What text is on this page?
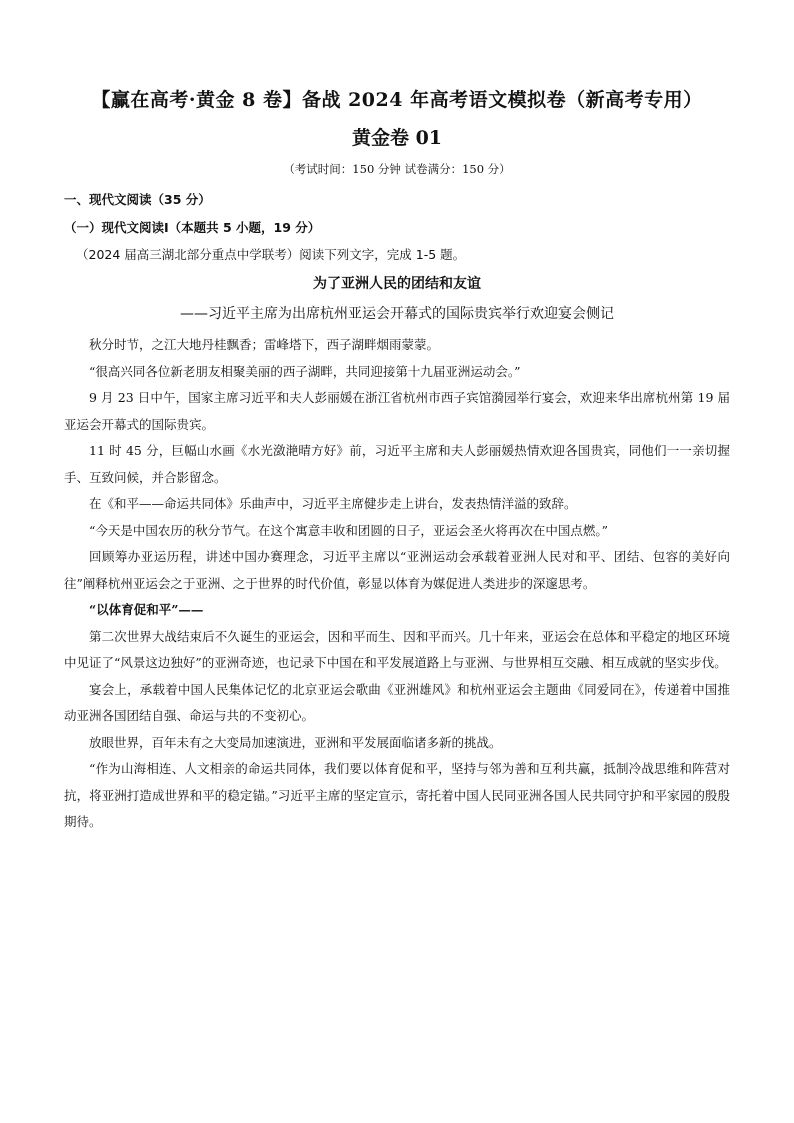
【赢在高考·黄金 8 卷】备战 2024 年高考语文模拟卷（新高考专用）
黄金卷 01

（考试时间：150 分钟 试卷满分：150 分）

一、现代文阅读（35 分）

（一）现代文阅读Ⅰ（本题共 5 小题，19 分）

（2024 届高三湖北部分重点中学联考）阅读下列文字，完成 1-5 题。

为了亚洲人民的团结和友谊

——习近平主席为出席杭州亚运会开幕式的国际贵宾举行欢迎宴会侧记

秋分时节，之江大地丹桂飘香；雷峰塔下，西子湖畔烟雨蒙蒙。

“很高兴同各位新老朋友相聚美丽的西子湖畔，共同迎接第十九届亚洲运动会。”

9 月 23 日中午，国家主席习近平和夫人彭丽媛在浙江省杭州市西子宾馆漪园举行宴会，欢迎来华出席杭州第 19 届亚运会开幕式的国际贵宾。

11 时 45 分，巨幅山水画《水光潋滟晴方好》前，习近平主席和夫人彭丽媛热情欢迎各国贵宾，同他们一一亲切握手、互致问候，并合影留念。

在《和平——命运共同体》乐曲声中，习近平主席健步走上讲台，发表热情洋溢的致辞。

“今天是中国农历的秋分节气。在这个寓意丰收和团圆的日子，亚运会圣火将再次在中国点燃。”

回顾筹办亚运历程，讲述中国办赛理念，习近平主席以“亚洲运动会承载着亚洲人民对和平、团结、包容的美好向往”阐释杭州亚运会之于亚洲、之于世界的时代价值，彰显以体育为媒促进人类进步的深邃思考。

“以体育促和平”——

第二次世界大战结束后不久诞生的亚运会，因和平而生、因和平而兴。几十年来，亚运会在总体和平稳定的地区环境中见证了“风景这边独好”的亚洲奇迹，也记录下中国在和平发展道路上与亚洲、与世界相互交融、相互成就的坚实步伐。

宴会上，承载着中国人民集体记忆的北京亚运会歌曲《亚洲雄风》和杭州亚运会主题曲《同爱同在》，传递着中国推动亚洲各国团结自强、命运与共的不变初心。

放眼世界，百年未有之大变局加速演进，亚洲和平发展面临诸多新的挑战。

“作为山海相连、人文相亲的命运共同体，我们要以体育促和平，坚持与邻为善和互利共赢，抵制冷战思维和阵营对抗，将亚洲打造成世界和平的稳定锚。”习近平主席的坚定宣示，寄托着中国人民同亚洲各国人民共同守护和平家园的殷殷期待。
